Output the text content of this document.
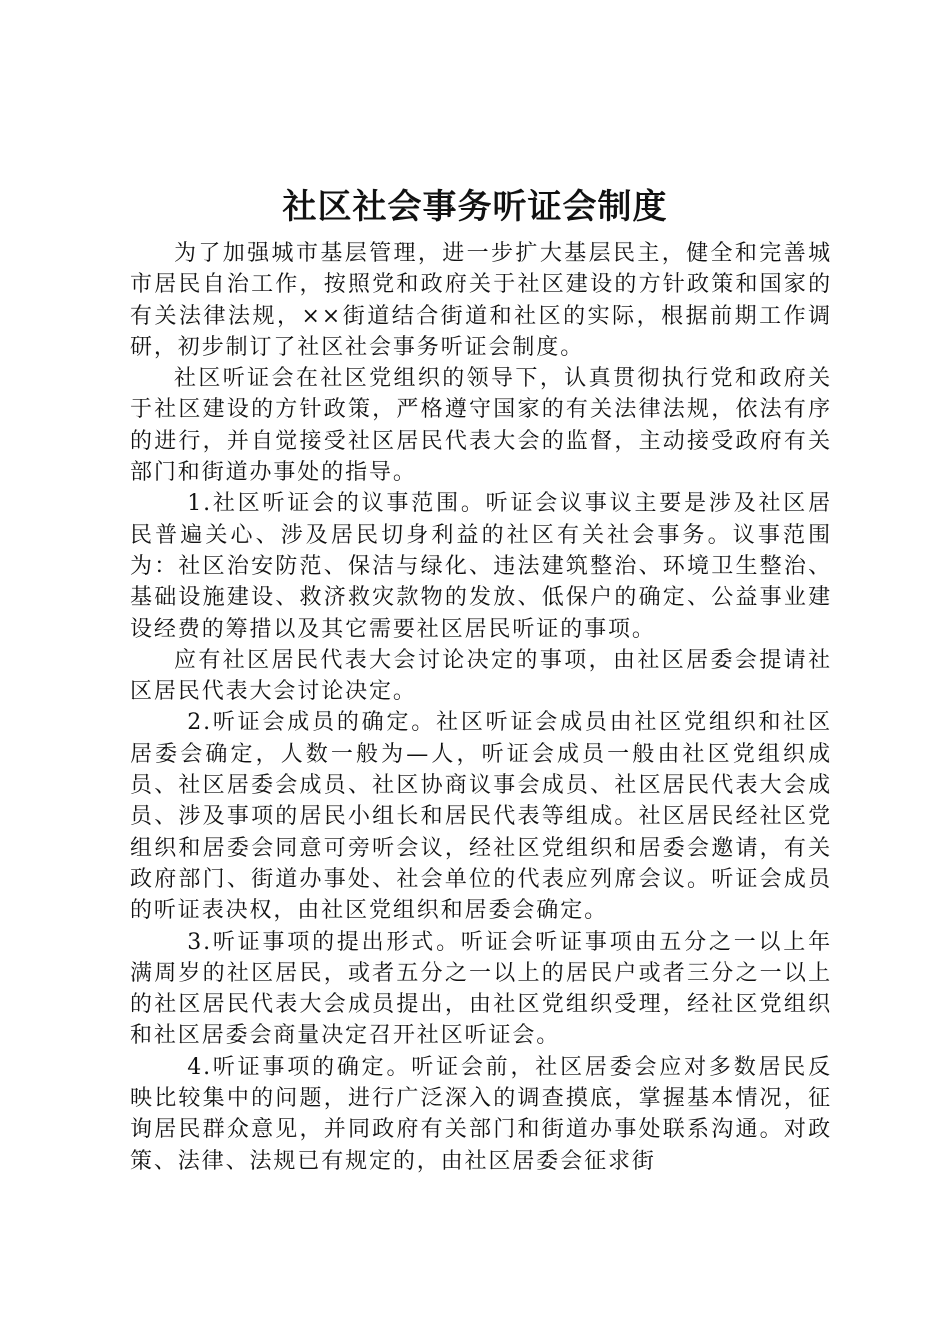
社区社会事务听证会制度

为了加强城市基层管理，进一步扩大基层民主，健全和完善城市居民自治工作，按照党和政府关于社区建设的方针政策和国家的有关法律法规，××街道结合街道和社区的实际，根据前期工作调研，初步制订了社区社会事务听证会制度。

社区听证会在社区党组织的领导下，认真贯彻执行党和政府关于社区建设的方针政策，严格遵守国家的有关法律法规，依法有序的进行，并自觉接受社区居民代表大会的监督，主动接受政府有关部门和街道办事处的指导。

1.社区听证会的议事范围。听证会议事议主要是涉及社区居民普遍关心、涉及居民切身利益的社区有关社会事务。议事范围为：社区治安防范、保洁与绿化、违法建筑整治、环境卫生整治、基础设施建设、救济救灾款物的发放、低保户的确定、公益事业建设经费的筹措以及其它需要社区居民听证的事项。

应有社区居民代表大会讨论决定的事项，由社区居委会提请社区居民代表大会讨论决定。

2.听证会成员的确定。社区听证会成员由社区党组织和社区居委会确定，人数一般为—人，听证会成员一般由社区党组织成员、社区居委会成员、社区协商议事会成员、社区居民代表大会成员、涉及事项的居民小组长和居民代表等组成。社区居民经社区党组织和居委会同意可旁听会议，经社区党组织和居委会邀请，有关政府部门、街道办事处、社会单位的代表应列席会议。听证会成员的听证表决权，由社区党组织和居委会确定。

3.听证事项的提出形式。听证会听证事项由五分之一以上年满周岁的社区居民，或者五分之一以上的居民户或者三分之一以上的社区居民代表大会成员提出，由社区党组织受理，经社区党组织和社区居委会商量决定召开社区听证会。

4.听证事项的确定。听证会前，社区居委会应对多数居民反映比较集中的问题，进行广泛深入的调查摸底，掌握基本情况，征询居民群众意见，并同政府有关部门和街道办事处联系沟通。对政策、法律、法规已有规定的，由社区居委会征求街
